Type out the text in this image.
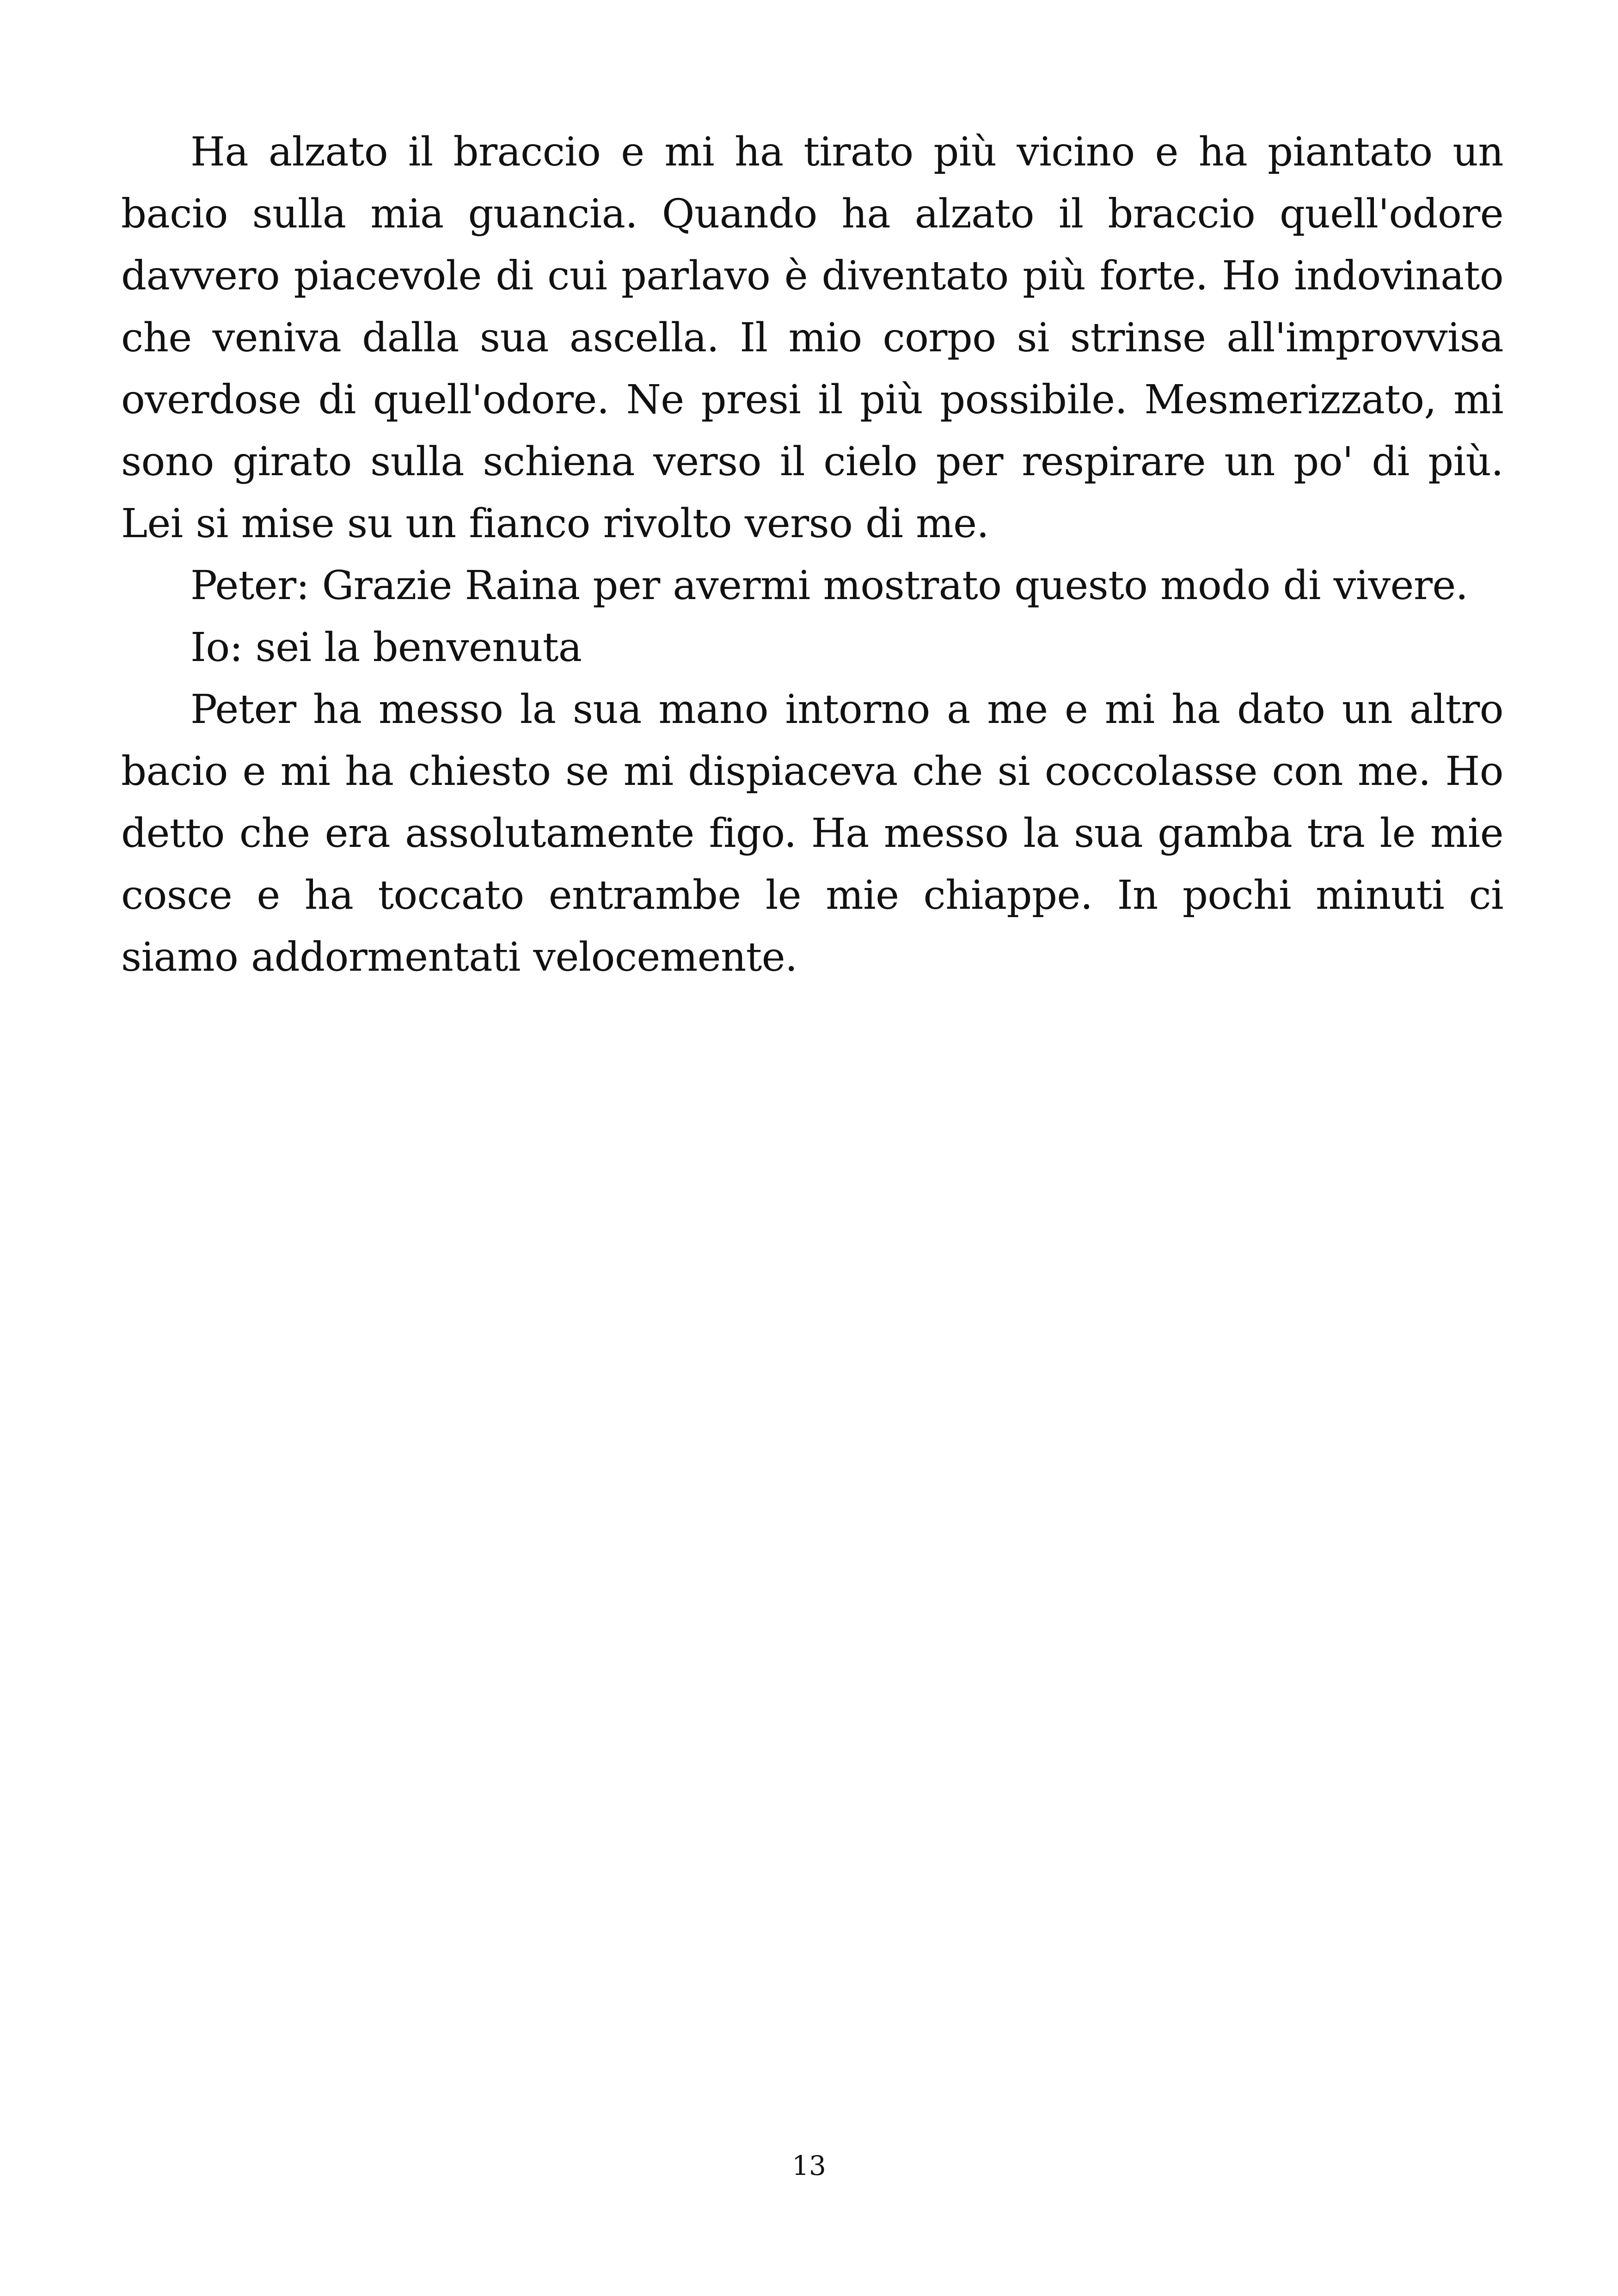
Ha alzato il braccio e mi ha tirato più vicino e ha piantato un bacio sulla mia guancia. Quando ha alzato il braccio quell'odore davvero piacevole di cui parlavo è diventato più forte. Ho indovinato che veniva dalla sua ascella. Il mio corpo si strinse all'improvvisa overdose di quell'odore. Ne presi il più possibile. Mesmerizzato, mi sono girato sulla schiena verso il cielo per respirare un po' di più. Lei si mise su un fianco rivolto verso di me.

Peter: Grazie Raina per avermi mostrato questo modo di vivere.

Io: sei la benvenuta

Peter ha messo la sua mano intorno a me e mi ha dato un altro bacio e mi ha chiesto se mi dispiaceva che si coccolasse con me. Ho detto che era assolutamente figo. Ha messo la sua gamba tra le mie cosce e ha toccato entrambe le mie chiappe. In pochi minuti ci siamo addormentati velocemente.

13
